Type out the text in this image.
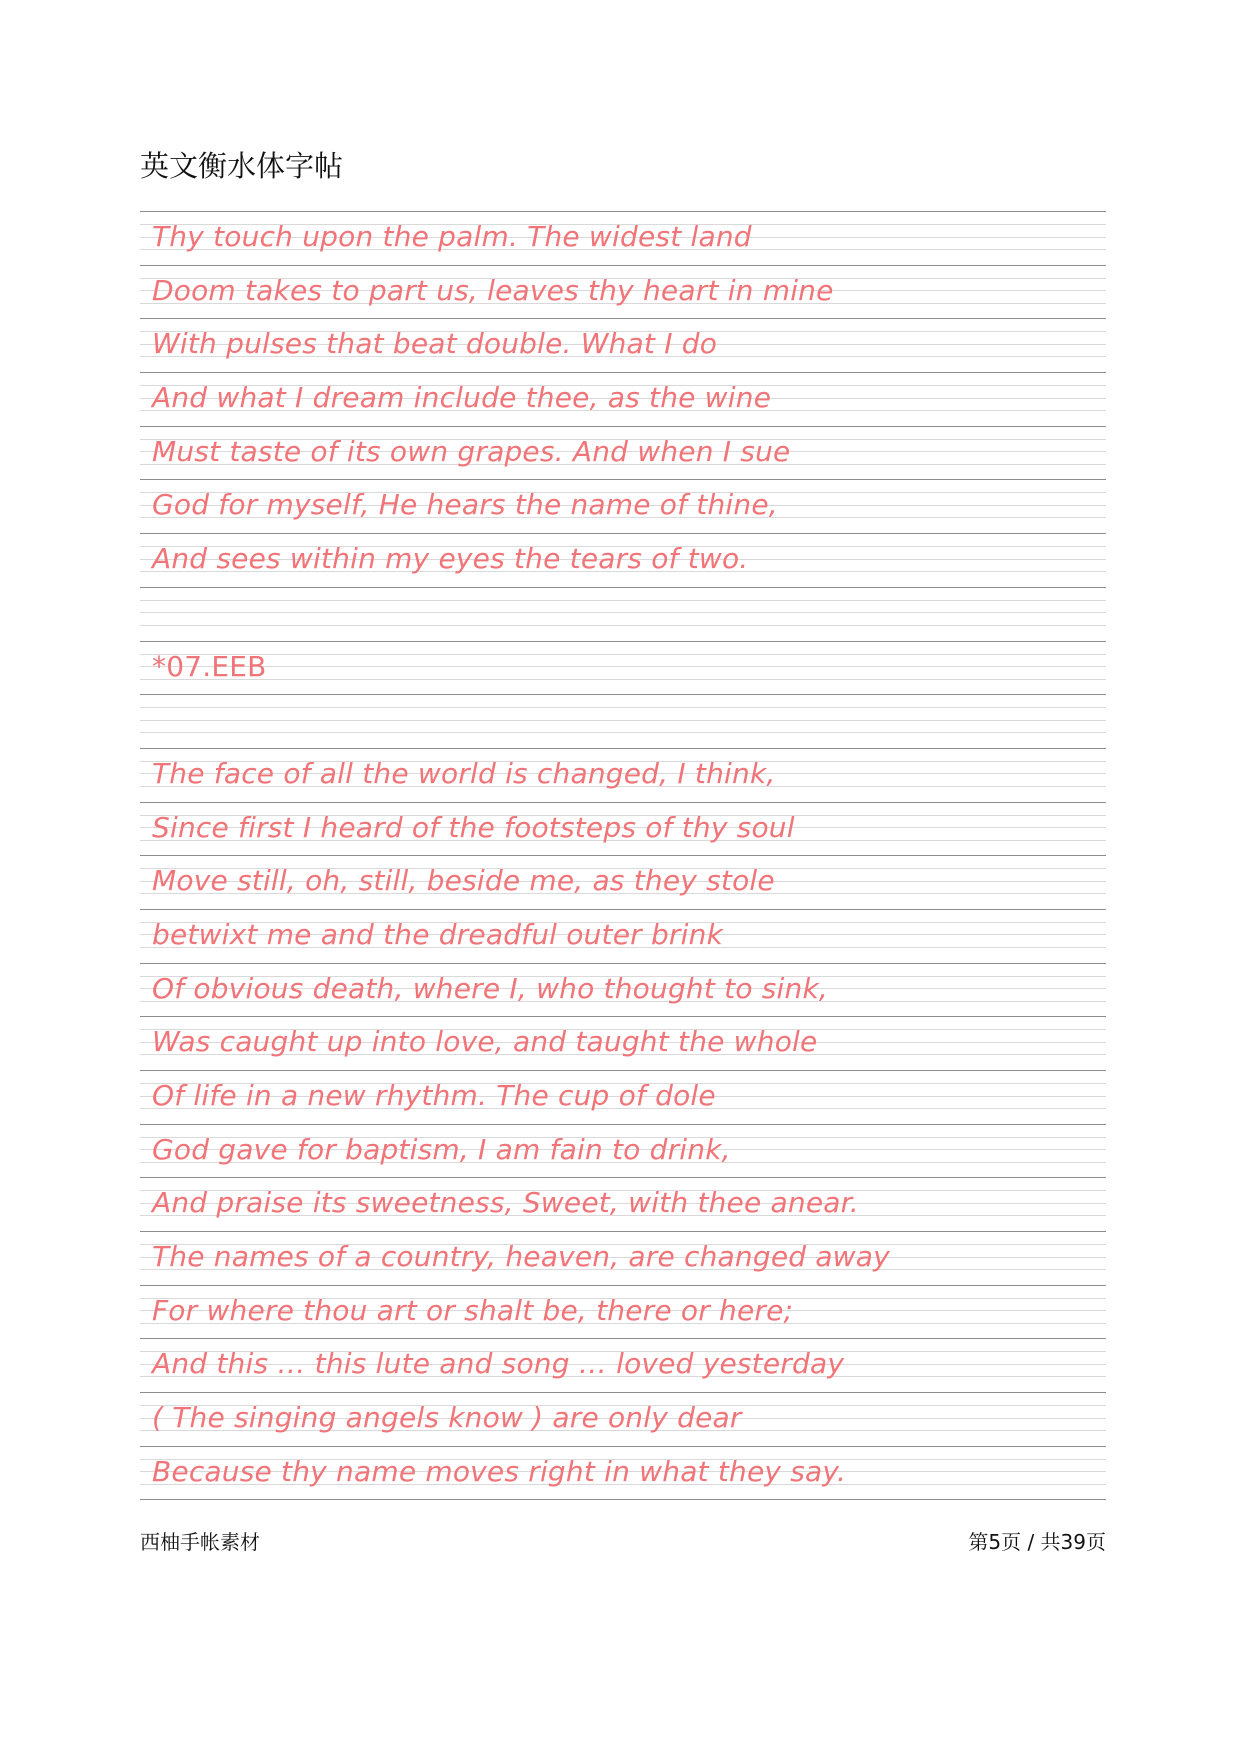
英文衡水体字帖
Thy touch upon the palm. The widest land
Doom takes to part us, leaves thy heart in mine
With pulses that beat double. What I do
And what I dream include thee, as the wine
Must taste of its own grapes. And when I sue
God for myself, He hears the name of thine,
And sees within my eyes the tears of two.
*07.EEB
The face of all the world is changed, I think,
Since first I heard of the footsteps of thy soul
Move still, oh, still, beside me, as they stole
betwixt me and the dreadful outer brink
Of obvious death, where I, who thought to sink,
Was caught up into love, and taught the whole
Of life in a new rhythm. The cup of dole
God gave for baptism, I am fain to drink,
And praise its sweetness, Sweet, with thee anear.
The names of a country, heaven, are changed away
For where thou art or shalt be, there or here;
And this … this lute and song … loved yesterday
( The singing angels know ) are only dear
Because thy name moves right in what they say.
西柚手帐素材	第5页 / 共39页
